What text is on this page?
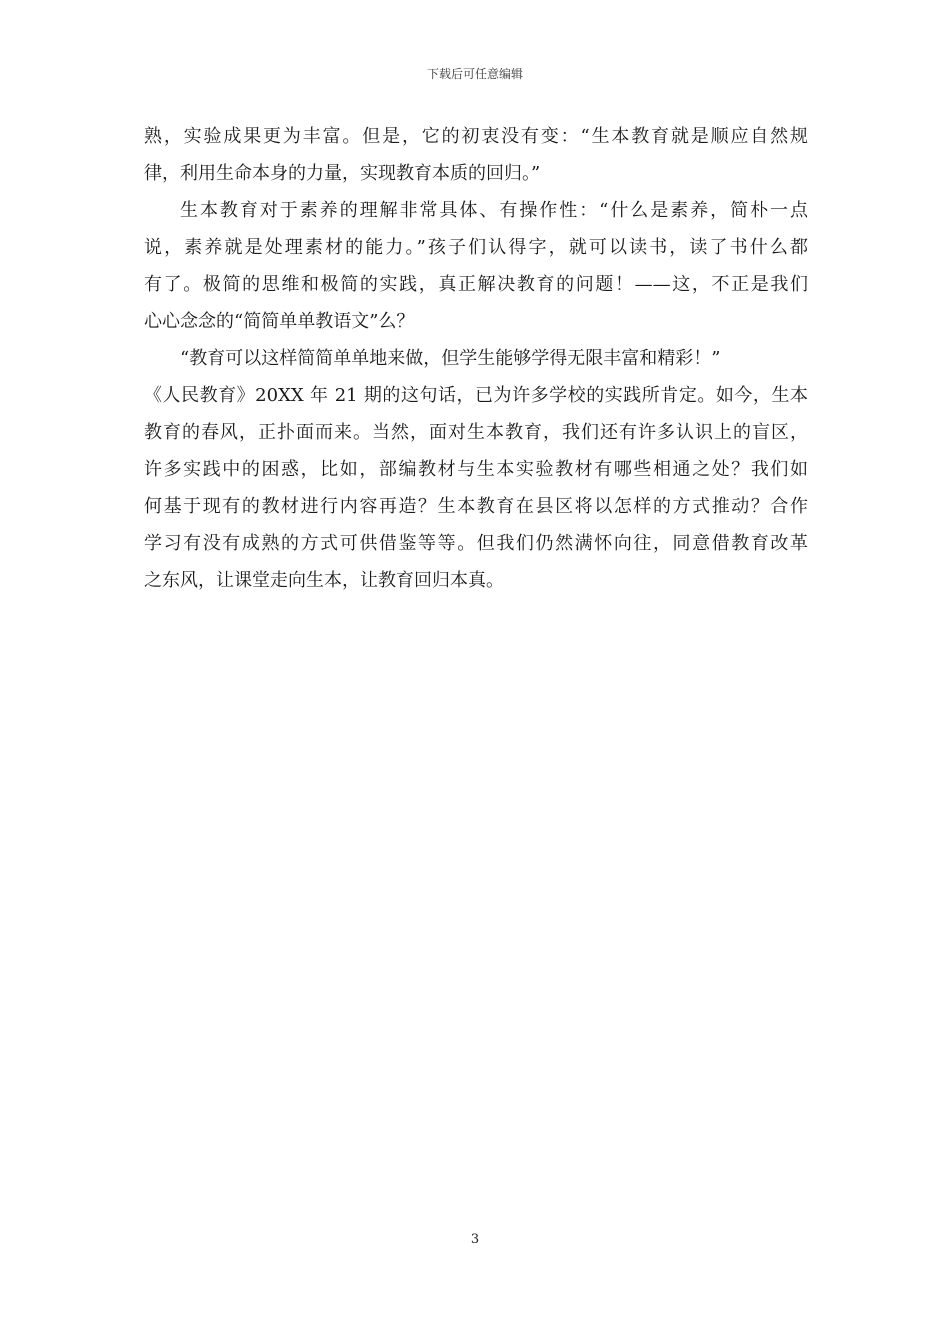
下载后可任意编辑
熟，实验成果更为丰富。但是，它的初衷没有变：“生本教育就是顺应自然规
律，利用生命本身的力量，实现教育本质的回归。”
生本教育对于素养的理解非常具体、有操作性：“什么是素养，简朴一点
说，素养就是处理素材的能力。”孩子们认得字，就可以读书，读了书什么都
有了。极简的思维和极简的实践，真正解决教育的问题！——这，不正是我们
心心念念的“简简单单教语文”么？
“教育可以这样简简单单地来做，但学生能够学得无限丰富和精彩！”
《人民教育》20XX 年 21 期的这句话，已为许多学校的实践所肯定。如今，生本
教育的春风，正扑面而来。当然，面对生本教育，我们还有许多认识上的盲区，
许多实践中的困惑，比如，部编教材与生本实验教材有哪些相通之处？我们如
何基于现有的教材进行内容再造？生本教育在县区将以怎样的方式推动？合作
学习有没有成熟的方式可供借鉴等等。但我们仍然满怀向往，同意借教育改革
之东风，让课堂走向生本，让教育回归本真。
3
